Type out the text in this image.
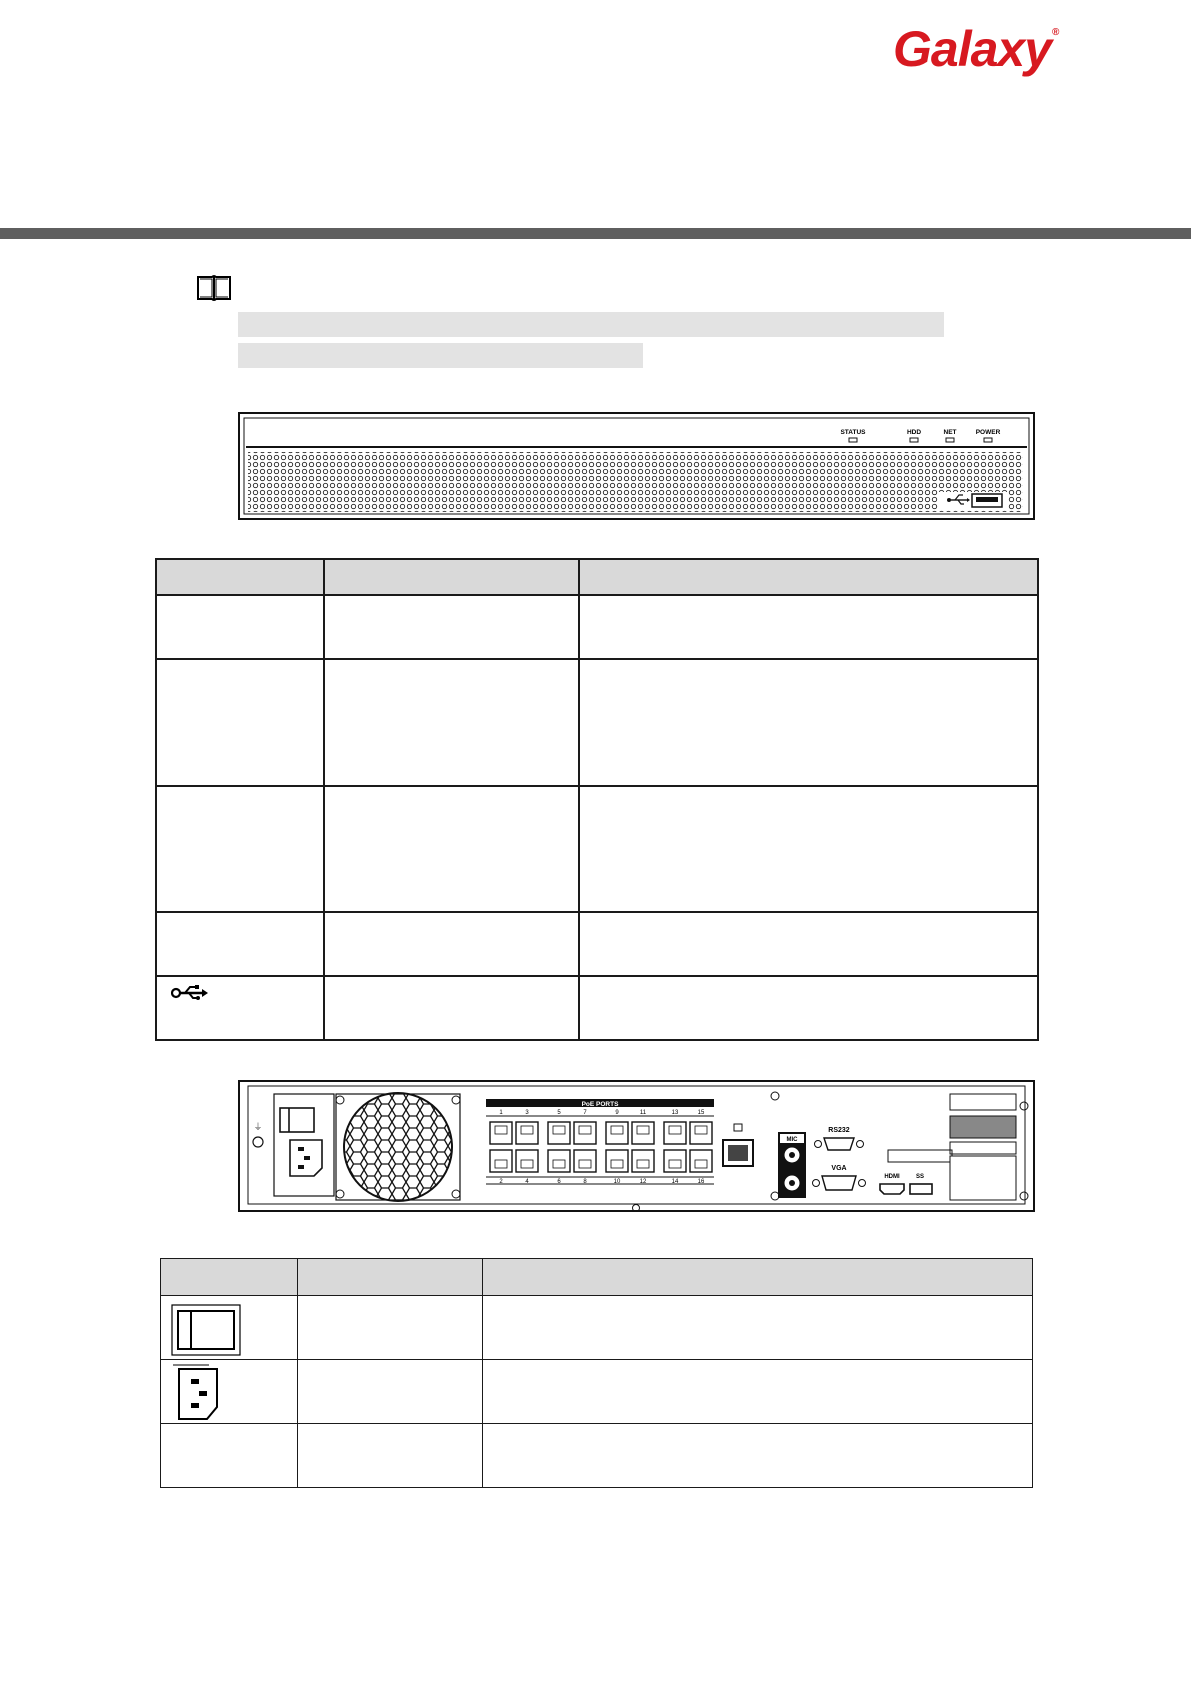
Galaxy®
STATUS	HDD	NET	POWER

⏚
PoE PORTS
1	3	5	7	9	11	13	15
2	4	6	8	10	12	14	16
MIC
RS232
VGA
HDMI	SS
